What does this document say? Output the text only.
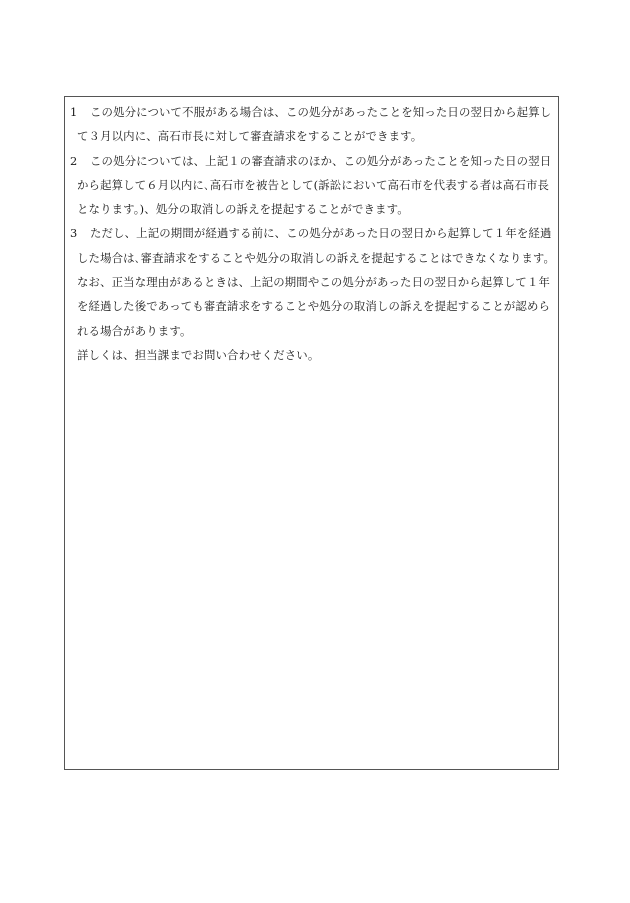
1 この処分について不服がある場合は、この処分があったことを知った日の翌日から起算し
て３月以内に、高石市長に対して審査請求をすることができます。
2 この処分については、上記１の審査請求のほか、この処分があったことを知った日の翌日
から起算して６月以内に､高石市を被告として(訴訟において高石市を代表する者は高石市長
となります。)、処分の取消しの訴えを提起することができます。
3 ただし、上記の期間が経過する前に、この処分があった日の翌日から起算して１年を経過
した場合は､審査請求をすることや処分の取消しの訴えを提起することはできなくなります。
なお、正当な理由があるときは、上記の期間やこの処分があった日の翌日から起算して１年
を経過した後であっても審査請求をすることや処分の取消しの訴えを提起することが認めら
れる場合があります。
詳しくは、担当課までお問い合わせください。
